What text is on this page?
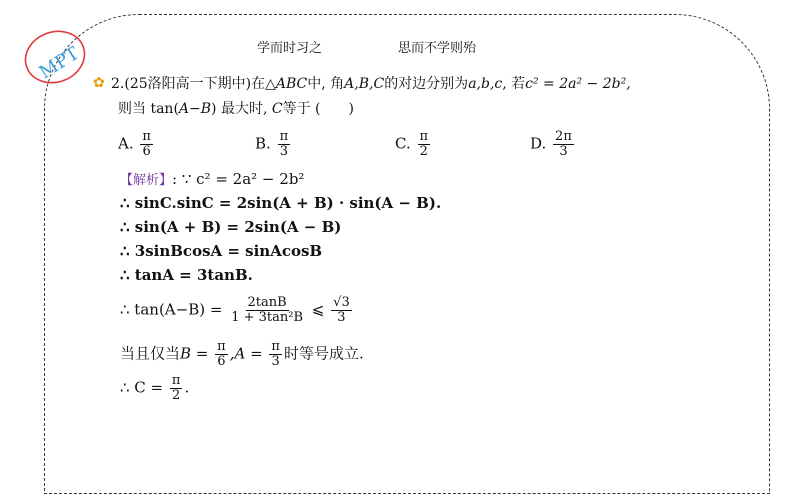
学而时习之	思而不学则殆
MPT ✿ 2.(25洛阳高一下期中)在△ABC中, 角A,B,C的对边分别为a,b,c, 若c² = 2a² − 2b²,
则当 tan(A−B) 最大时, C等于 (　　)
A. $\frac{\pi}{6}$	B. $\frac{\pi}{3}$	C. $\frac{\pi}{2}$	D. $\frac{2\pi}{3}$
【解析】: ∵ c² = 2a² − 2b²
∴ sinC.sinC = 2sin(A + B) · sin(A − B).
∴ sin(A + B) = 2sin(A − B)
∴ 3sinBcosA = sinAcosB
∴ tanA = 3tanB.
∴ $\tan(A-B) = \frac{2\tan B}{\text{1 + 3tan²B}}$ ⩽ $\frac{√3}{3}$
当且仅当$B = \frac{\pi}{6} ,A = \frac{\pi}{3}$ 时等号成立.
∴ $C = \frac{\pi}{2}$ .
